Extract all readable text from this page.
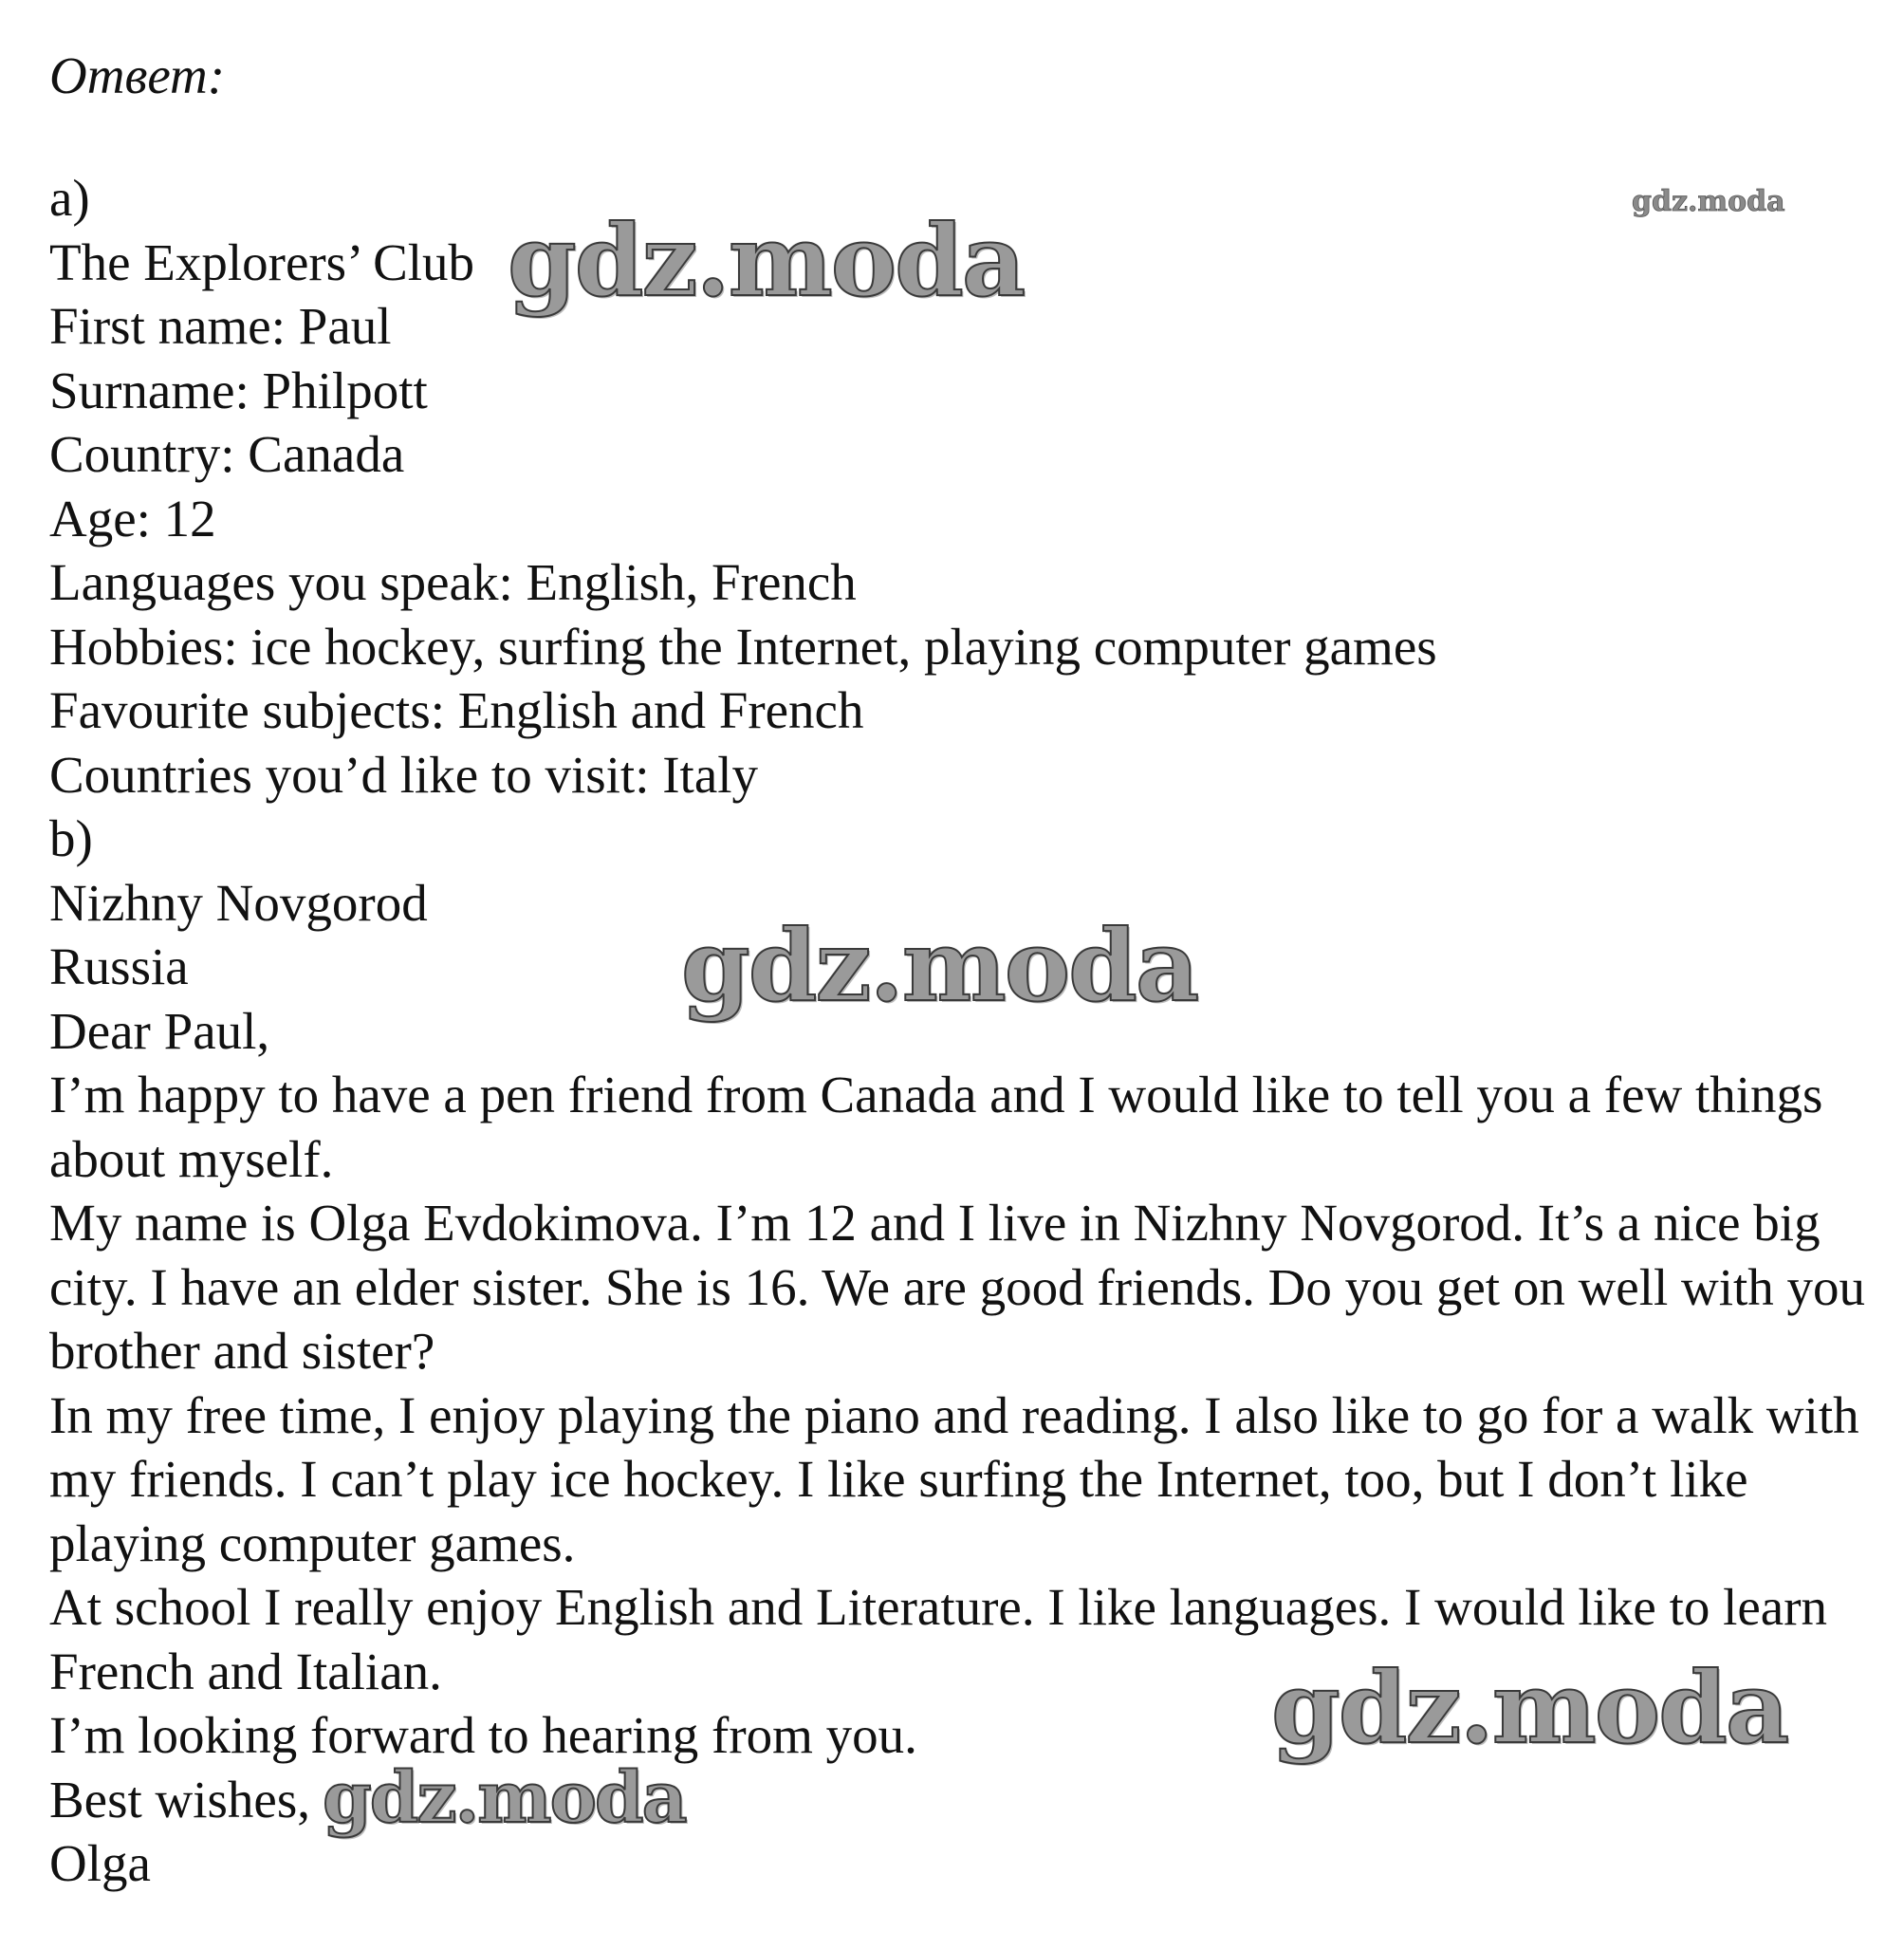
Ответ:
a)
The Explorers’ Club
First name: Paul
Surname: Philpott
Country: Canada
Age: 12
Languages you speak: English, French
Hobbies: ice hockey, surfing the Internet, playing computer games
Favourite subjects: English and French
Countries you’d like to visit: Italy
b)
Nizhny Novgorod
Russia
Dear Paul,
I’m happy to have a pen friend from Canada and I would like to tell you a few things about myself.
My name is Olga Evdokimova. I’m 12 and I live in Nizhny Novgorod. It’s a nice big city. I have an elder sister. She is 16. We are good friends. Do you get on well with you brother and sister?
In my free time, I enjoy playing the piano and reading. I also like to go for a walk with my friends. I can’t play ice hockey. I like surfing the Internet, too, but I don’t like playing computer games.
At school I really enjoy English and Literature. I like languages. I would like to learn French and Italian.
I’m looking forward to hearing from you.
Best wishes,
Olga
gdz.moda
gdz.moda
gdz.moda
gdz.moda
gdz.moda
